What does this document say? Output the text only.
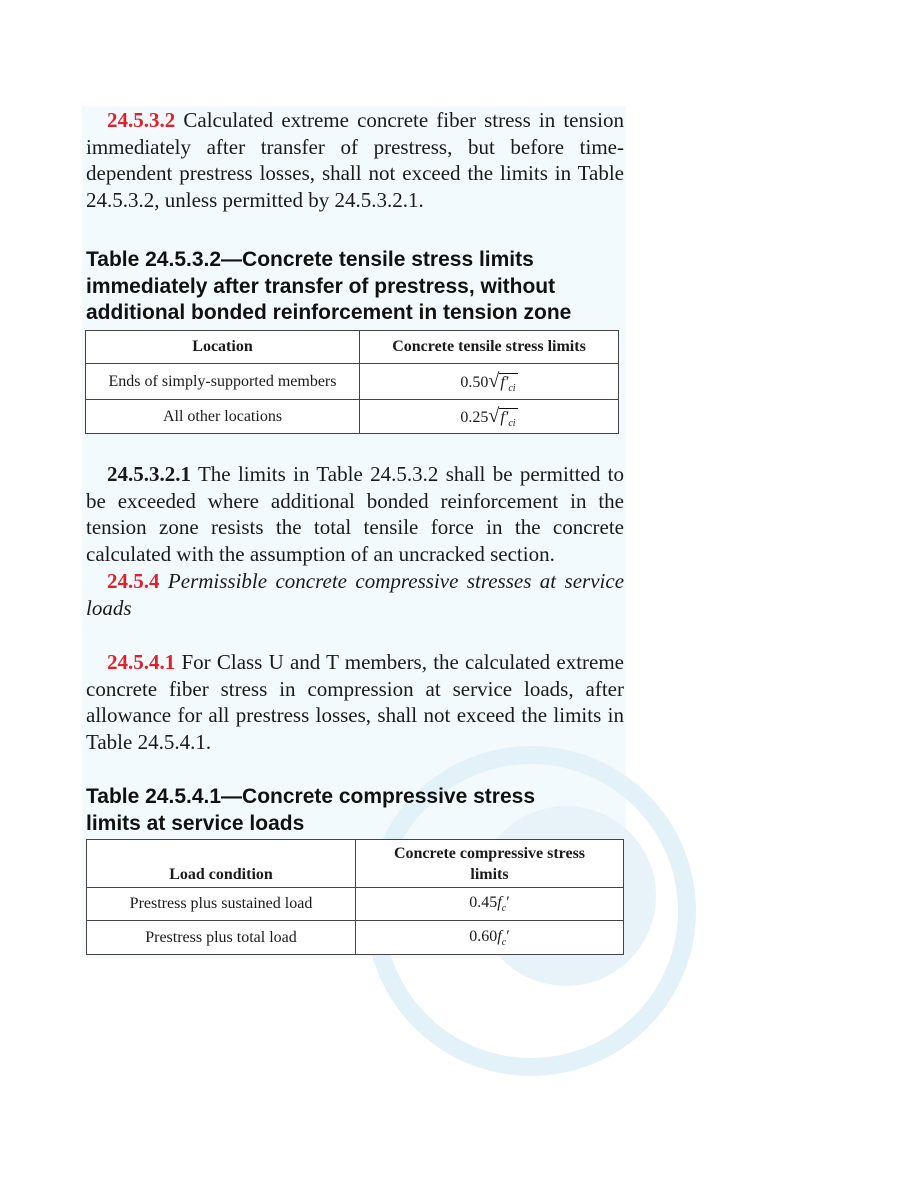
24.5.3.2 Calculated extreme concrete fiber stress in tension immediately after transfer of prestress, but before time-dependent prestress losses, shall not exceed the limits in Table 24.5.3.2, unless permitted by 24.5.3.2.1.

Table 24.5.3.2—Concrete tensile stress limits immediately after transfer of prestress, without additional bonded reinforcement in tension zone
Location	Concrete tensile stress limits
Ends of simply-supported members	$0.50√f'_{ci}$
All other locations	$0.25√f'_{ci}$

24.5.3.2.1 The limits in Table 24.5.3.2 shall be permitted to be exceeded where additional bonded reinforcement in the tension zone resists the total tensile force in the concrete calculated with the assumption of an uncracked section.

24.5.4 Permissible concrete compressive stresses at service loads

24.5.4.1 For Class U and T members, the calculated extreme concrete fiber stress in compression at service loads, after allowance for all prestress losses, shall not exceed the limits in Table 24.5.4.1.

Table 24.5.4.1—Concrete compressive stress limits at service loads
Load condition	Concrete compressive stress limits
Prestress plus sustained load	$0.45f_c'$
Prestress plus total load	$0.60f_c'$
